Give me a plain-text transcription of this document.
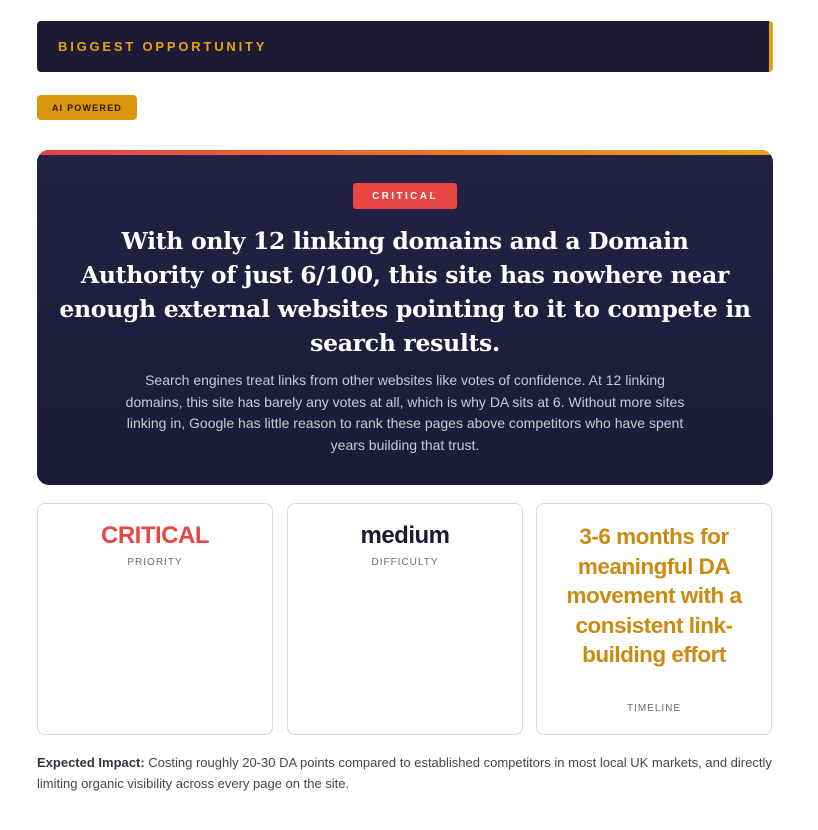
BIGGEST OPPORTUNITY
AI POWERED
CRITICAL
With only 12 linking domains and a Domain Authority of just 6/100, this site has nowhere near enough external websites pointing to it to compete in search results.
Search engines treat links from other websites like votes of confidence. At 12 linking domains, this site has barely any votes at all, which is why DA sits at 6. Without more sites linking in, Google has little reason to rank these pages above competitors who have spent years building that trust.
CRITICAL
PRIORITY
medium
DIFFICULTY
3-6 months for meaningful DA movement with a consistent link-building effort
TIMELINE

Expected Impact: Costing roughly 20-30 DA points compared to established competitors in most local UK markets, and directly limiting organic visibility across every page on the site.
